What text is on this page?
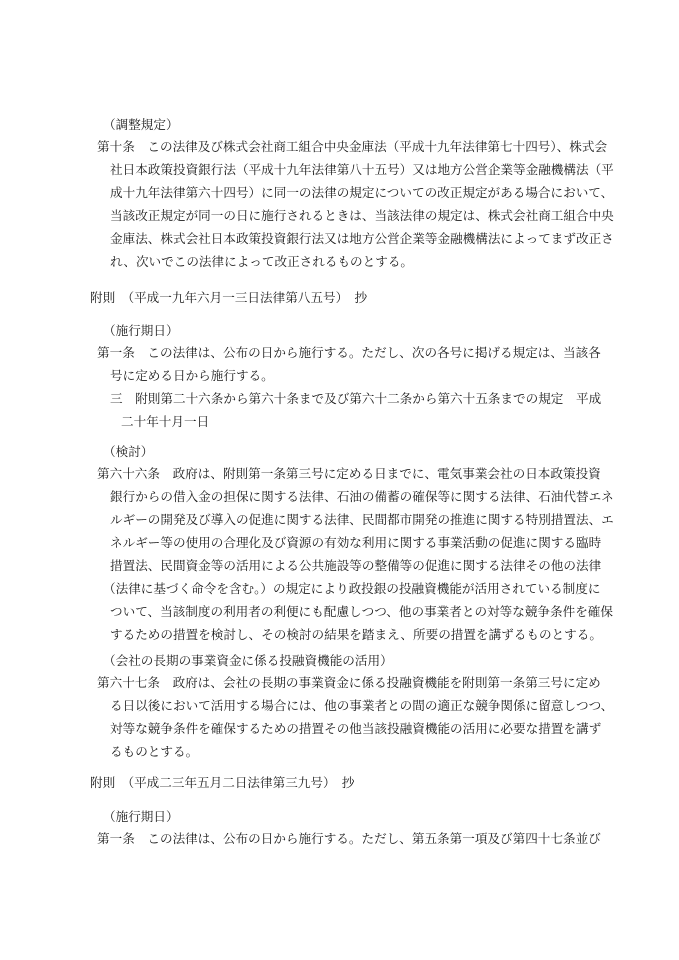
（調整規定）
第十条　この法律及び株式会社商工組合中央金庫法（平成十九年法律第七十四号）、株式会
社日本政策投資銀行法（平成十九年法律第八十五号）又は地方公営企業等金融機構法（平
成十九年法律第六十四号）に同一の法律の規定についての改正規定がある場合において、
当該改正規定が同一の日に施行されるときは、当該法律の規定は、株式会社商工組合中央
金庫法、株式会社日本政策投資銀行法又は地方公営企業等金融機構法によってまず改正さ
れ、次いでこの法律によって改正されるものとする。
附則　（平成一九年六月一三日法律第八五号）　抄
（施行期日）
第一条　この法律は、公布の日から施行する。ただし、次の各号に掲げる規定は、当該各
号に定める日から施行する。
三　附則第二十六条から第六十条まで及び第六十二条から第六十五条までの規定　平成
二十年十月一日
（検討）
第六十六条　政府は、附則第一条第三号に定める日までに、電気事業会社の日本政策投資
銀行からの借入金の担保に関する法律、石油の備蓄の確保等に関する法律、石油代替エネ
ルギーの開発及び導入の促進に関する法律、民間都市開発の推進に関する特別措置法、エ
ネルギー等の使用の合理化及び資源の有効な利用に関する事業活動の促進に関する臨時
措置法、民間資金等の活用による公共施設等の整備等の促進に関する法律その他の法律
（法律に基づく命令を含む。）の規定により政投銀の投融資機能が活用されている制度に
ついて、当該制度の利用者の利便にも配慮しつつ、他の事業者との対等な競争条件を確保
するための措置を検討し、その検討の結果を踏まえ、所要の措置を講ずるものとする。
（会社の長期の事業資金に係る投融資機能の活用）
第六十七条　政府は、会社の長期の事業資金に係る投融資機能を附則第一条第三号に定め
る日以後において活用する場合には、他の事業者との間の適正な競争関係に留意しつつ、
対等な競争条件を確保するための措置その他当該投融資機能の活用に必要な措置を講ず
るものとする。
附則　（平成二三年五月二日法律第三九号）　抄
（施行期日）
第一条　この法律は、公布の日から施行する。ただし、第五条第一項及び第四十七条並び
